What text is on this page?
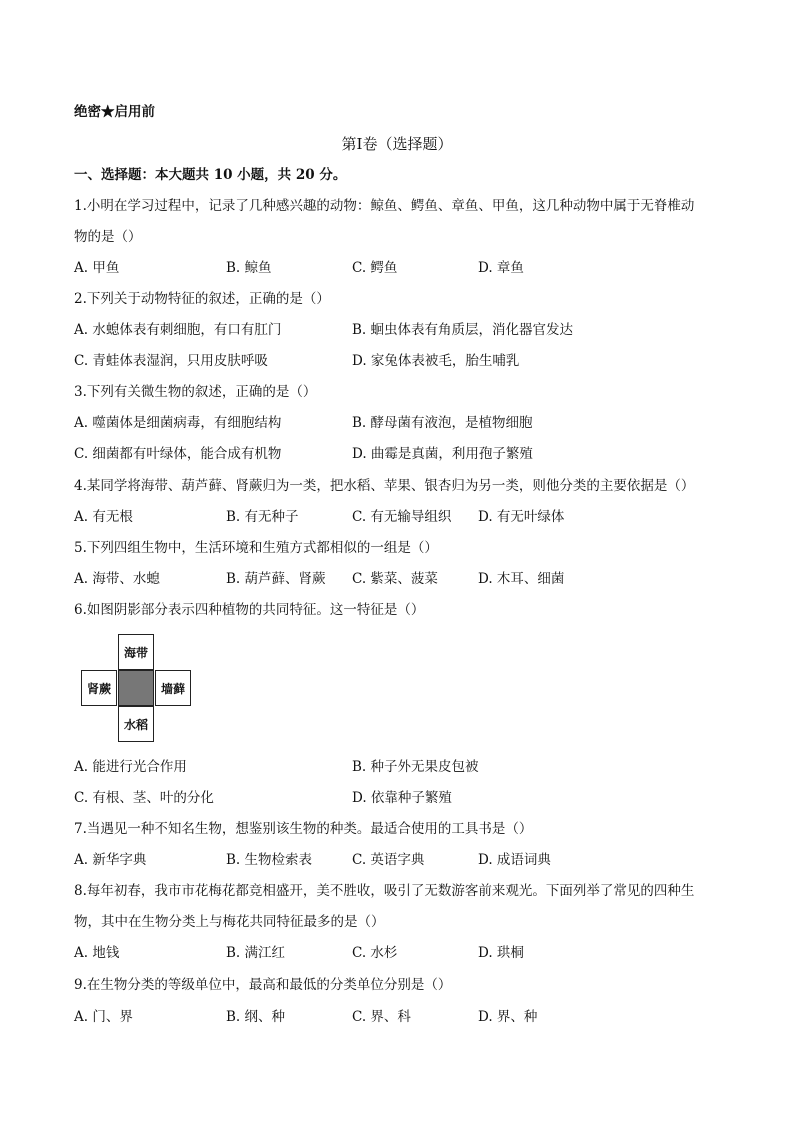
绝密★启用前
第I卷（选择题）
一、选择题：本大题共 10 小题，共 20 分。
1.小明在学习过程中，记录了几种感兴趣的动物：鲸鱼、鳄鱼、章鱼、甲鱼，这几种动物中属于无脊椎动
物的是（）
A. 甲鱼	B. 鲸鱼	C. 鳄鱼	D. 章鱼
2.下列关于动物特征的叙述，正确的是（）
A. 水螅体表有刺细胞，有口有肛门	B. 蛔虫体表有角质层，消化器官发达
C. 青蛙体表湿润，只用皮肤呼吸	D. 家兔体表被毛，胎生哺乳
3.下列有关微生物的叙述，正确的是（）
A. 噬菌体是细菌病毒，有细胞结构	B. 酵母菌有液泡，是植物细胞
C. 细菌都有叶绿体，能合成有机物	D. 曲霉是真菌，利用孢子繁殖
4.某同学将海带、葫芦藓、肾蕨归为一类，把水稻、苹果、银杏归为另一类，则他分类的主要依据是（）
A. 有无根	B. 有无种子	C. 有无输导组织 D. 有无叶绿体
5.下列四组生物中，生活环境和生殖方式都相似的一组是（）
A. 海带、水螅	B. 葫芦藓、肾蕨 C. 紫菜、菠菜	D. 木耳、细菌
6.如图阴影部分表示四种植物的共同特征。这一特征是（）
海带
肾蕨	墙藓
水稻
A. 能进行光合作用	B. 种子外无果皮包被
C. 有根、茎、叶的分化	D. 依靠种子繁殖
7.当遇见一种不知名生物，想鉴别该生物的种类。最适合使用的工具书是（）
A. 新华字典	B. 生物检索表	C. 英语字典	D. 成语词典
8.每年初春，我市市花梅花都竞相盛开，美不胜收，吸引了无数游客前来观光。下面列举了常见的四种生
物，其中在生物分类上与梅花共同特征最多的是（）
A. 地钱	B. 满江红	C. 水杉	D. 珙桐
9.在生物分类的等级单位中，最高和最低的分类单位分别是（）
A. 门、界	B. 纲、种	C. 界、科	D. 界、种
